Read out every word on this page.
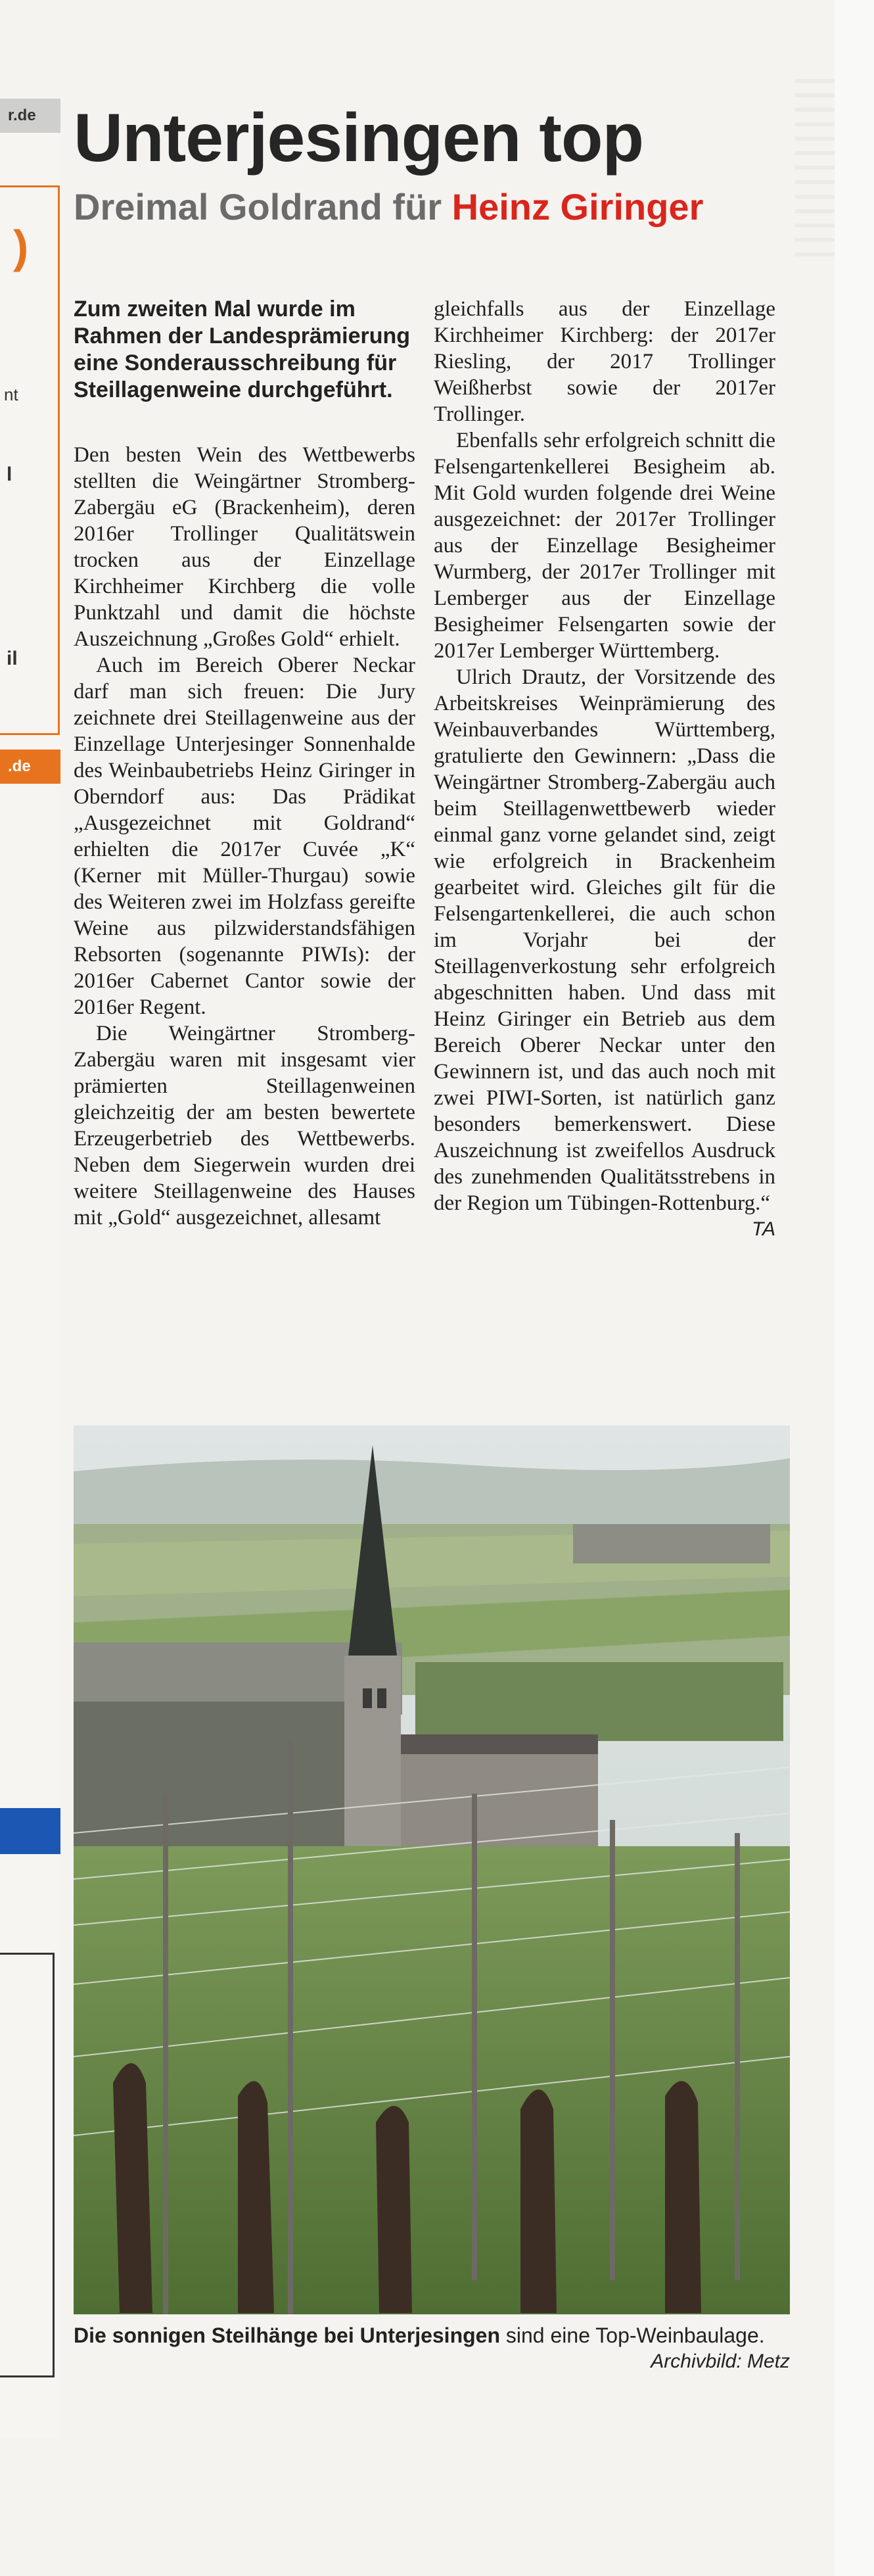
r.de
nt
l
il
)
.de
Unterjesingen top
Dreimal Goldrand für Heinz Giringer

Zum zweiten Mal wurde im Rahmen der Landesprämierung eine Sonderausschreibung für Steillagenweine durchgeführt.

Den besten Wein des Wettbewerbs stellten die Weingärtner Stromberg-Zabergäu eG (Brackenheim), deren 2016er Trollinger Qualitätswein trocken aus der Einzellage Kirchheimer Kirchberg die volle Punktzahl und damit die höchste Auszeichnung „Großes Gold“ erhielt.

Auch im Bereich Oberer Neckar darf man sich freuen: Die Jury zeichnete drei Steillagenweine aus der Einzellage Unterjesinger Sonnenhalde des Weinbaubetriebs Heinz Giringer in Oberndorf aus: Das Prädikat „Ausgezeichnet mit Goldrand“ erhielten die 2017er Cuvée „K“ (Kerner mit Müller-Thurgau) sowie des Weiteren zwei im Holzfass gereifte Weine aus pilzwiderstandsfähigen Rebsorten (sogenannte PIWIs): der 2016er Cabernet Cantor sowie der 2016er Regent.

Die Weingärtner Stromberg-Zabergäu waren mit insgesamt vier prämierten Steillagenweinen gleichzeitig der am besten bewertete Erzeugerbetrieb des Wettbewerbs. Neben dem Siegerwein wurden drei weitere Steillagenweine des Hauses mit „Gold“ ausgezeichnet, allesamt

gleichfalls aus der Einzellage Kirchheimer Kirchberg: der 2017er Riesling, der 2017 Trollinger Weißherbst sowie der 2017er Trollinger.

Ebenfalls sehr erfolgreich schnitt die Felsengartenkellerei Besigheim ab. Mit Gold wurden folgende drei Weine ausgezeichnet: der 2017er Trollinger aus der Einzellage Besigheimer Wurmberg, der 2017er Trollinger mit Lemberger aus der Einzellage Besigheimer Felsengarten sowie der 2017er Lemberger Württemberg.

Ulrich Drautz, der Vorsitzende des Arbeitskreises Weinprämierung des Weinbauverbandes Württemberg, gratulierte den Gewinnern: „Dass die Weingärtner Stromberg-Zabergäu auch beim Steillagenwettbewerb wieder einmal ganz vorne gelandet sind, zeigt wie erfolgreich in Brackenheim gearbeitet wird. Gleiches gilt für die Felsengartenkellerei, die auch schon im Vorjahr bei der Steillagenverkostung sehr erfolgreich abgeschnitten haben. Und dass mit Heinz Giringer ein Betrieb aus dem Bereich Oberer Neckar unter den Gewinnern ist, und das auch noch mit zwei PIWI-Sorten, ist natürlich ganz besonders bemerkenswert. Diese Auszeichnung ist zweifellos Ausdruck des zunehmenden Qualitätsstrebens in der Region um Tübingen-Rottenburg.“

TA

Die sonnigen Steilhänge bei Unterjesingen sind eine Top-Weinbaulage.
Archivbild: Metz
